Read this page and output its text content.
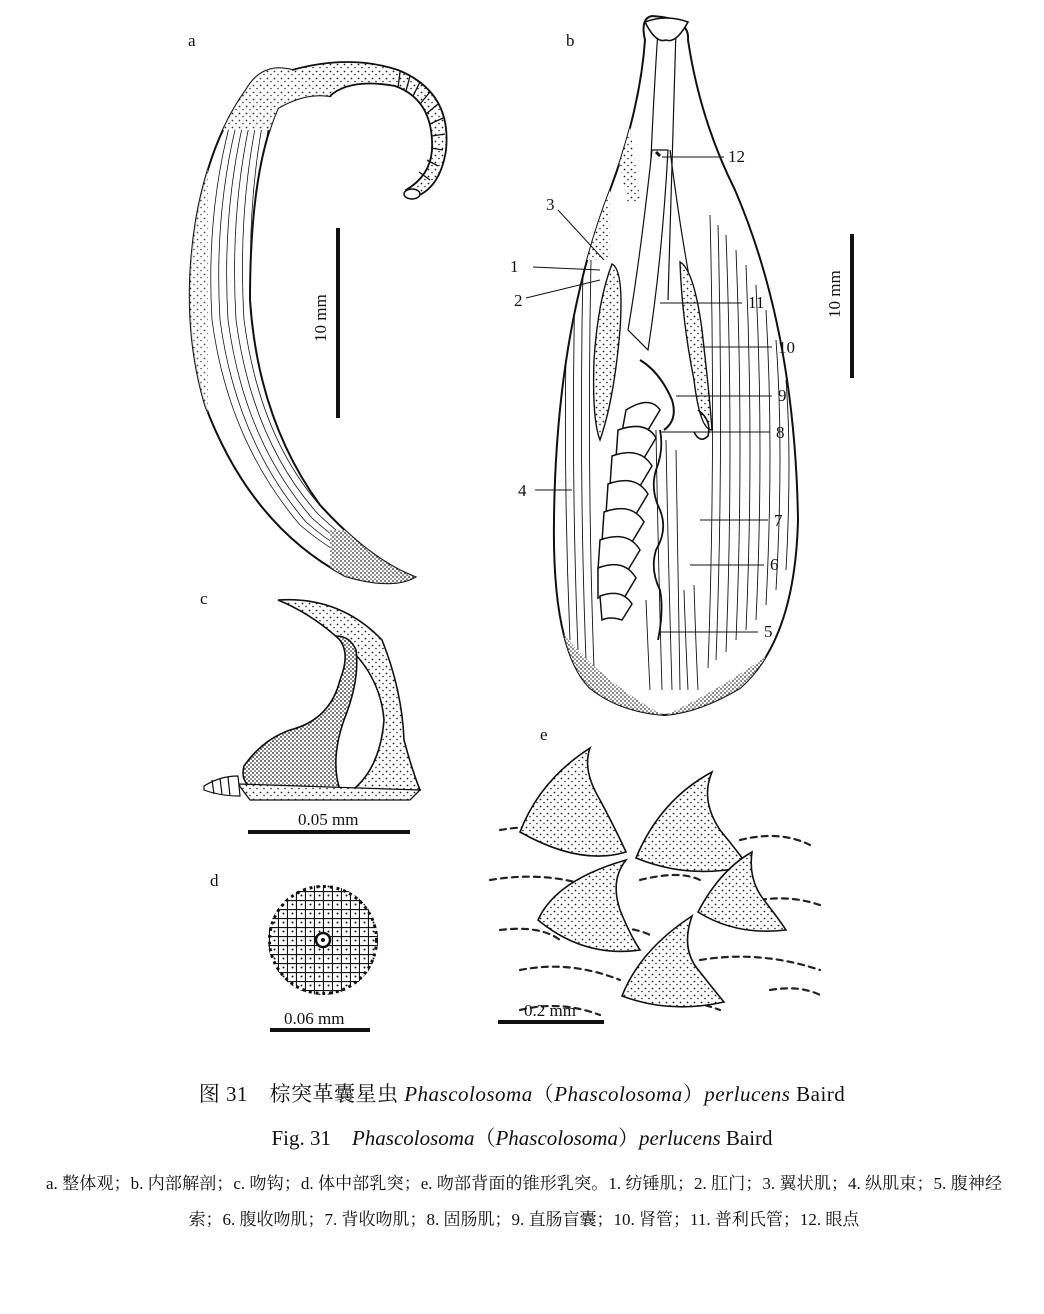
a
10 mm
b
1
2
3
4
5
6
7
8
9
10
11
12
10 mm
c
0.05 mm
d
0.06 mm
e
0.2 mm
图 31　棕突革囊星虫 Phascolosoma（Phascolosoma）perlucens Baird
Fig. 31　Phascolosoma（Phascolosoma）perlucens Baird
a. 整体观；b. 内部解剖；c. 吻钩；d. 体中部乳突；e. 吻部背面的锥形乳突。1. 纺锤肌；2. 肛门；3. 翼状肌；4. 纵肌束；5. 腹神经索；6. 腹收吻肌；7. 背收吻肌；8. 固肠肌；9. 直肠盲囊；10. 肾管；11. 普利氏管；12. 眼点
